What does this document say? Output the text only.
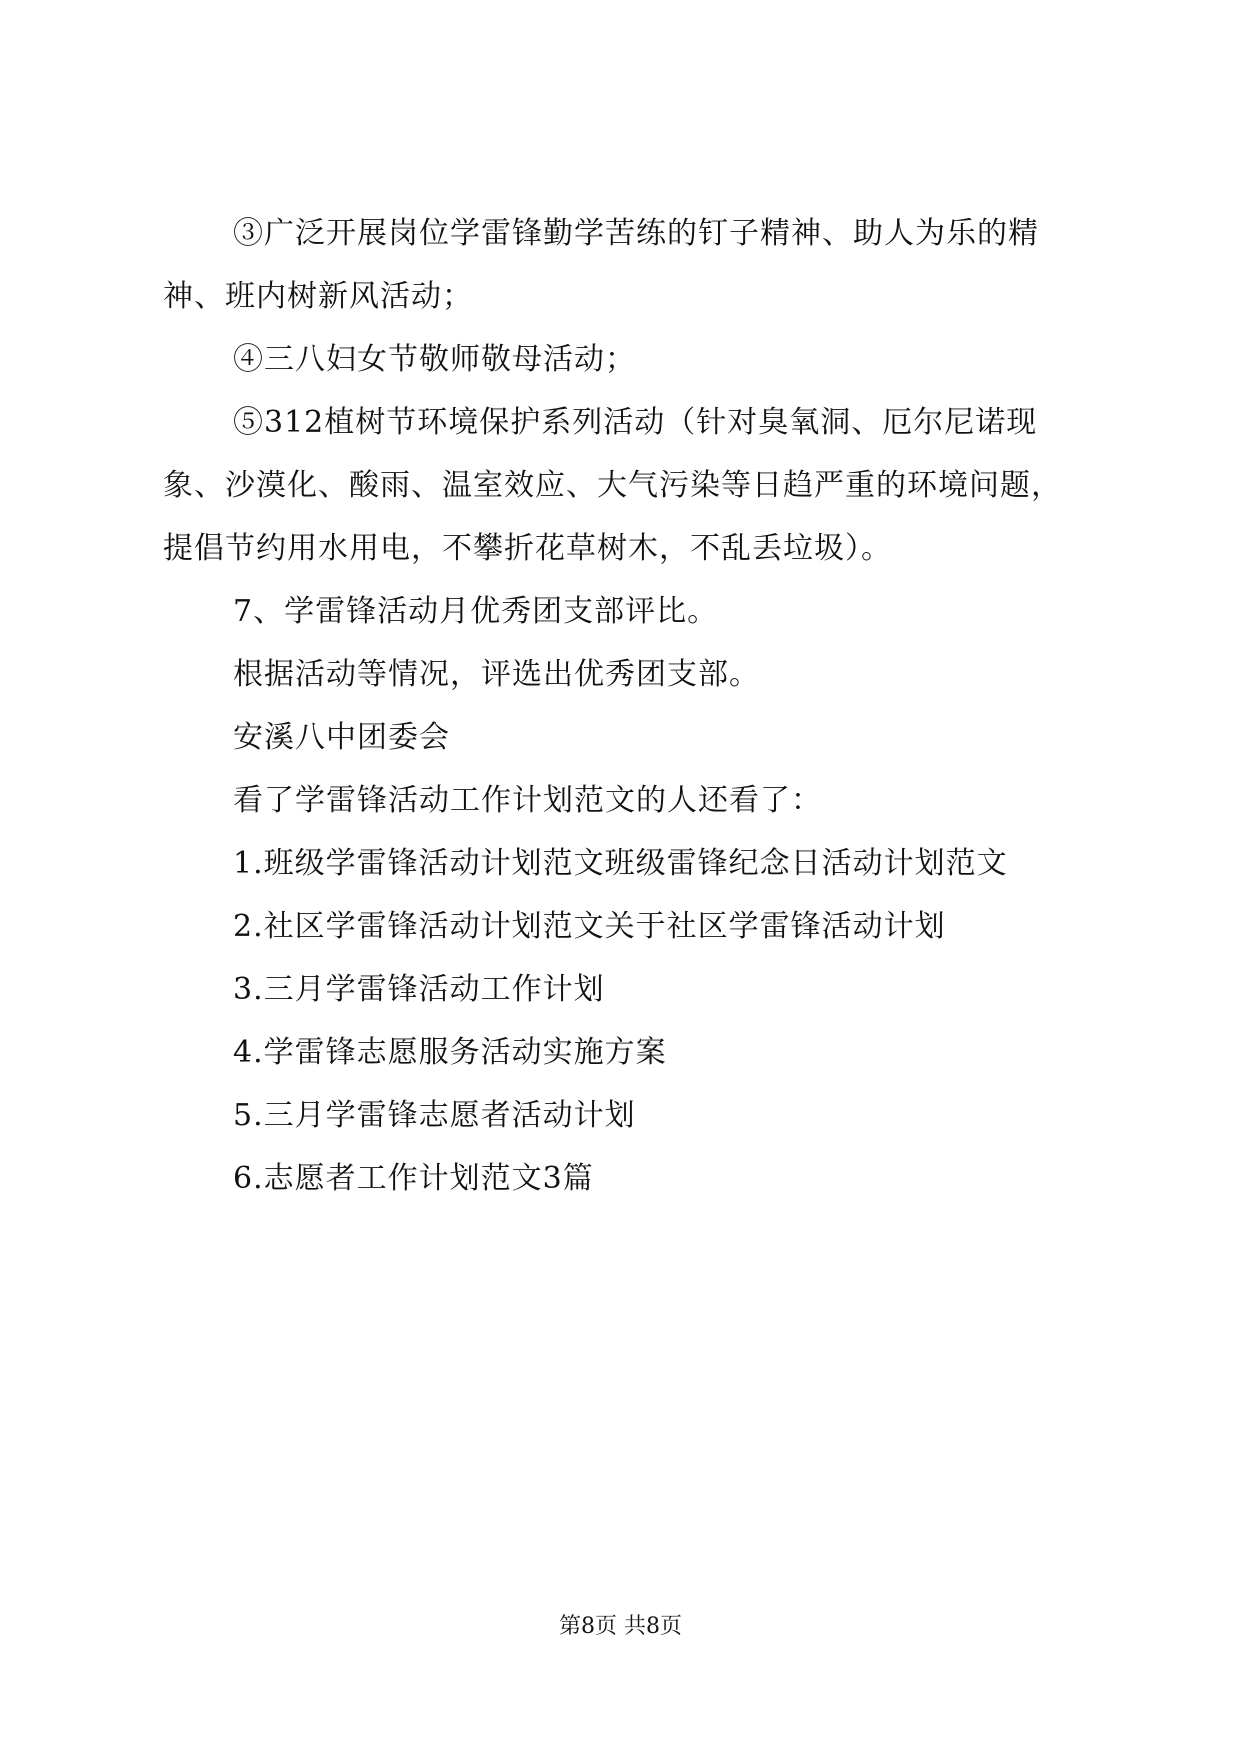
③广泛开展岗位学雷锋勤学苦练的钉子精神、助人为乐的精神、班内树新风活动；

④三八妇女节敬师敬母活动；

⑤312植树节环境保护系列活动（针对臭氧洞、厄尔尼诺现象、沙漠化、酸雨、温室效应、大气污染等日趋严重的环境问题，提倡节约用水用电，不攀折花草树木，不乱丢垃圾）。

7、学雷锋活动月优秀团支部评比。

根据活动等情况，评选出优秀团支部。

安溪八中团委会

看了学雷锋活动工作计划范文的人还看了：

1.班级学雷锋活动计划范文班级雷锋纪念日活动计划范文

2.社区学雷锋活动计划范文关于社区学雷锋活动计划

3.三月学雷锋活动工作计划

4.学雷锋志愿服务活动实施方案

5.三月学雷锋志愿者活动计划

6.志愿者工作计划范文3篇

第8页 共8页
